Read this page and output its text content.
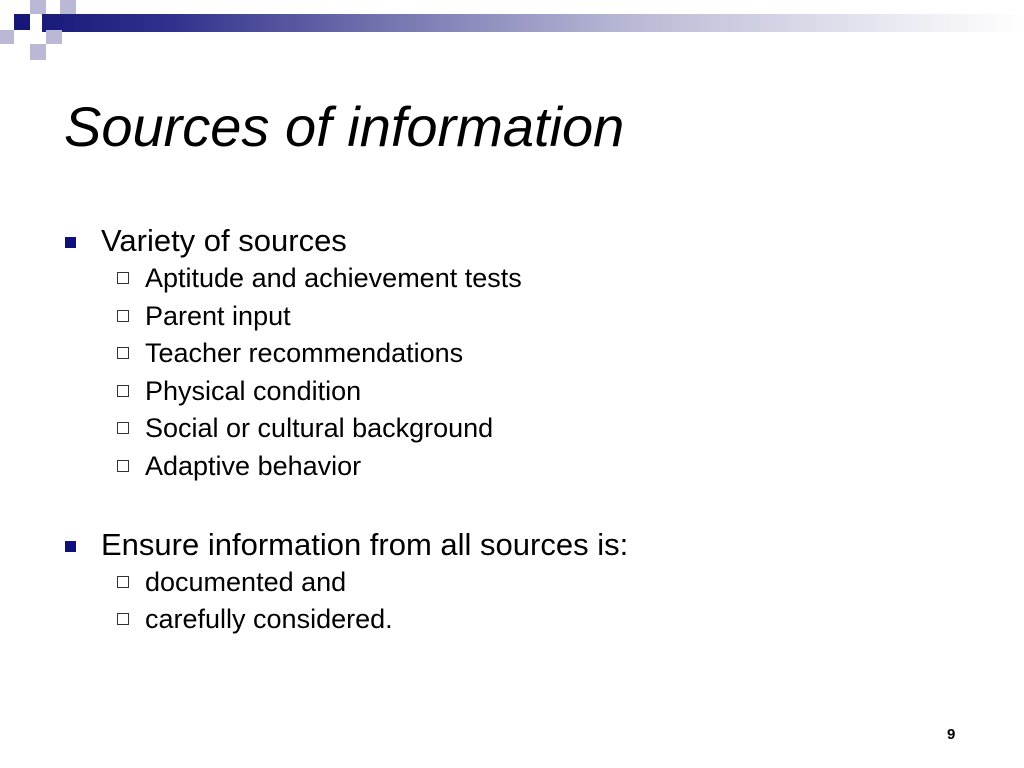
Sources of information
Variety of sources
Aptitude and achievement tests
Parent input
Teacher recommendations
Physical condition
Social or cultural background
Adaptive behavior
Ensure information from all sources is:
documented and
carefully considered.
9
